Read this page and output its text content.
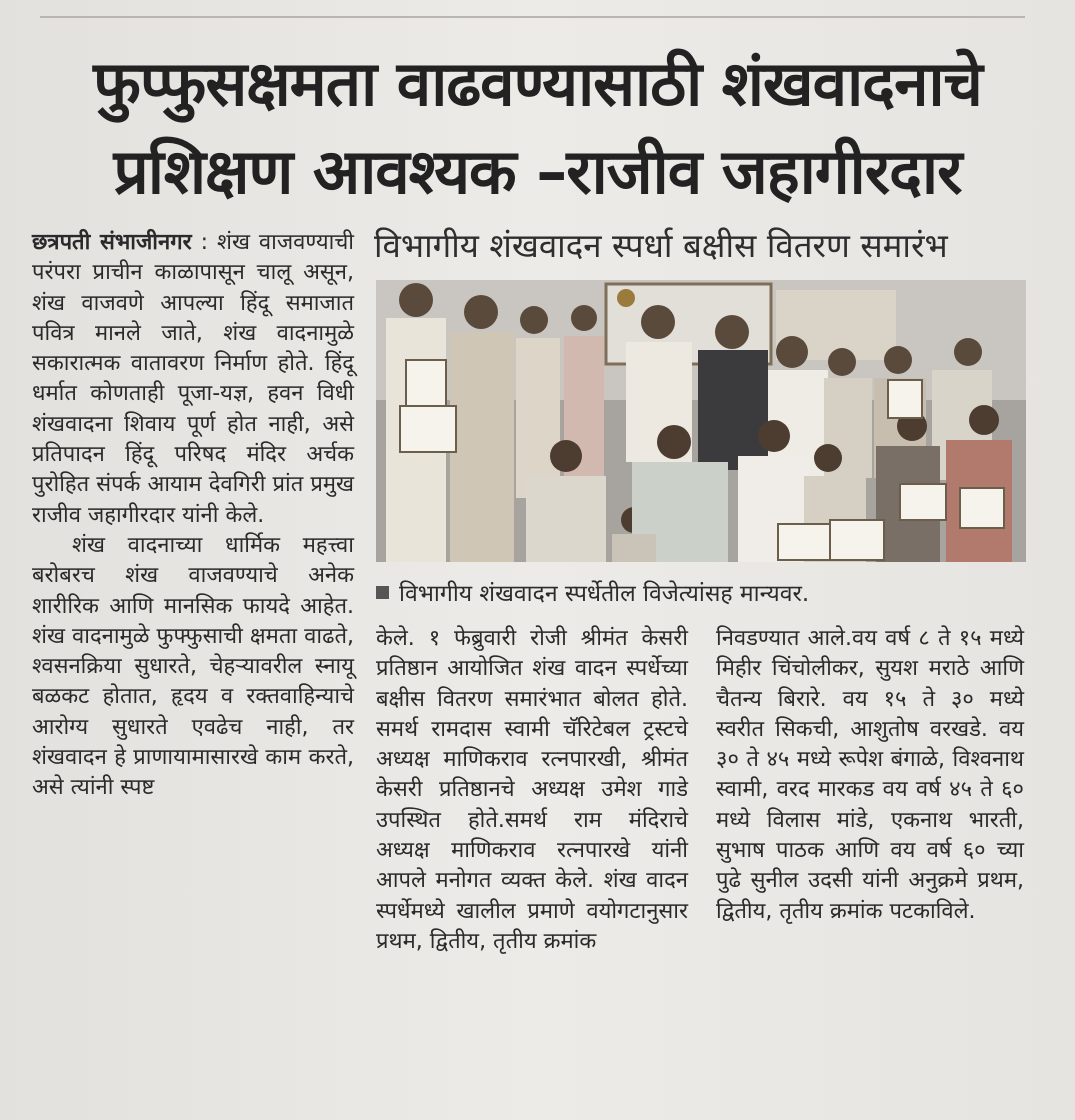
फुप्फुसक्षमता वाढवण्यासाठी शंखवादनाचे
प्रशिक्षण आवश्यक –राजीव जहागीरदार
विभागीय शंखवादन स्पर्धा बक्षीस वितरण समारंभ

छत्रपती संभाजीनगर : शंख वाजवण्याची परंपरा प्राचीन काळापासून चालू असून, शंख वाजवणे आपल्या हिंदू समाजात पवित्र मानले जाते, शंख वादनामुळे सकारात्मक वातावरण निर्माण होते. हिंदू धर्मात कोणताही पूजा-यज्ञ, हवन विधी शंखवादना शिवाय पूर्ण होत नाही, असे प्रतिपादन हिंदू परिषद मंदिर अर्चक पुरोहित संपर्क आयाम देवगिरी प्रांत प्रमुख राजीव जहागीरदार यांनी केले.

शंख वादनाच्या धार्मिक महत्त्वा बरोबरच शंख वाजवण्याचे अनेक शारीरिक आणि मानसिक फायदे आहेत. शंख वादनामुळे फुफ्फुसाची क्षमता वाढते, श्वसनक्रिया सुधारते, चेहऱ्यावरील स्नायू बळकट होतात, हृदय व रक्तवाहिन्याचे आरोग्य सुधारते एवढेच नाही, तर शंखवादन हे प्राणायामासारखे काम करते, असे त्यांनी स्पष्ट

विभागीय शंखवादन स्पर्धेतील विजेत्यांसह मान्यवर.

केले. १ फेब्रुवारी रोजी श्रीमंत केसरी प्रतिष्ठान आयोजित शंख वादन स्पर्धेच्या बक्षीस वितरण समारंभात बोलत होते. समर्थ रामदास स्वामी चॅरिटेबल ट्रस्टचे अध्यक्ष माणिकराव रत्नपारखी, श्रीमंत केसरी प्रतिष्ठानचे अध्यक्ष उमेश गाडे उपस्थित होते.समर्थ राम मंदिराचे अध्यक्ष माणिकराव रत्नपारखे यांनी आपले मनोगत व्यक्त केले. शंख वादन स्पर्धेमध्ये खालील प्रमाणे वयोगटानुसार प्रथम, द्वितीय, तृतीय क्रमांक

निवडण्यात आले.वय वर्ष ८ ते १५ मध्ये मिहीर चिंचोलीकर, सुयश मराठे आणि चैतन्य बिरारे. वय १५ ते ३० मध्ये स्वरीत सिकची, आशुतोष वरखडे. वय ३० ते ४५ मध्ये रूपेश बंगाळे, विश्वनाथ स्वामी, वरद मारकड वय वर्ष ४५ ते ६० मध्ये विलास मांडे, एकनाथ भारती, सुभाष पाठक आणि वय वर्ष ६० च्या पुढे सुनील उदसी यांनी अनुक्रमे प्रथम, द्वितीय, तृतीय क्रमांक पटकाविले.
